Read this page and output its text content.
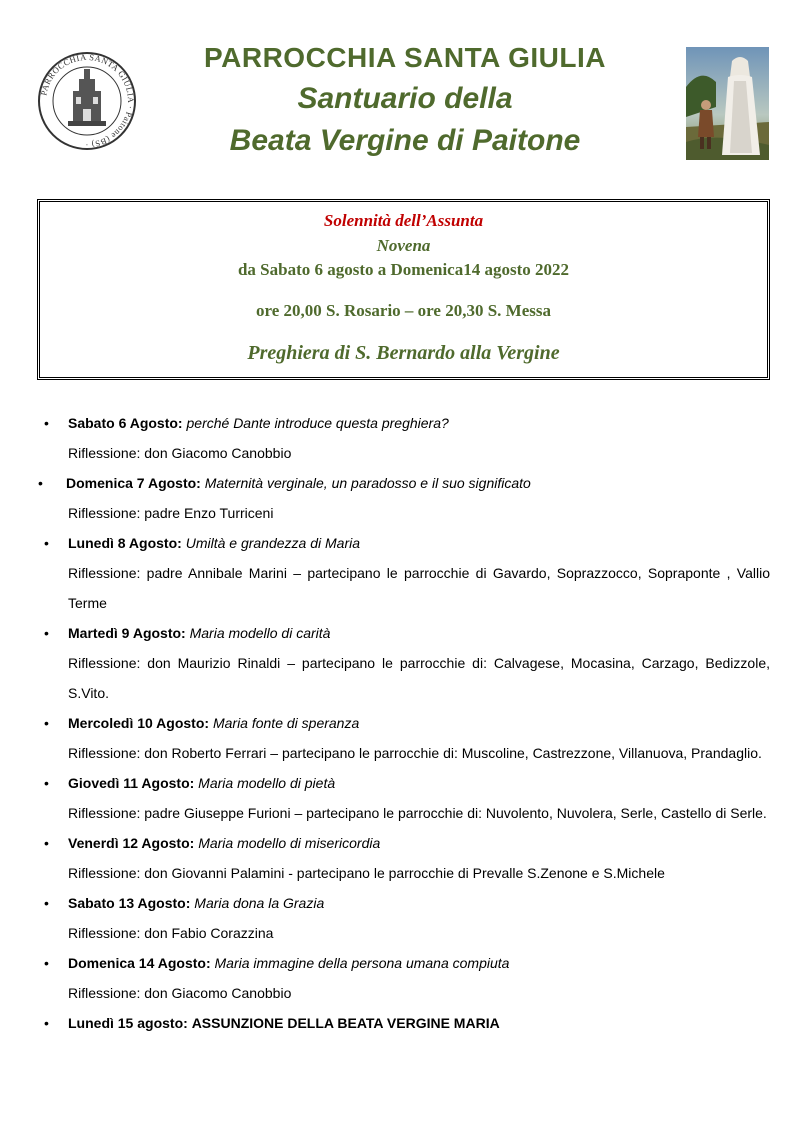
PARROCCHIA SANTA GIULIA · Paitone (BS) ·
PARROCCHIA SANTA GIULIA
Santuario della
Beata Vergine di Paitone
Solennità dell’Assunta
Novena
da Sabato 6 agosto a Domenica14 agosto 2022
ore 20,00 S. Rosario – ore 20,30 S. Messa
Preghiera di S. Bernardo alla Vergine
• Sabato 6 Agosto: perché Dante introduce questa preghiera?
Riflessione: don Giacomo Canobbio
• Domenica 7 Agosto: Maternità verginale, un paradosso e il suo significato
Riflessione: padre Enzo Turriceni
• Lunedì 8 Agosto: Umiltà e grandezza di Maria
Riflessione: padre Annibale Marini – partecipano le parrocchie di Gavardo, Soprazzocco, Sopraponte , Vallio Terme
• Martedì 9 Agosto: Maria modello di carità
Riflessione: don Maurizio Rinaldi – partecipano le parrocchie di: Calvagese, Mocasina, Carzago, Bedizzole, S.Vito.
• Mercoledì 10 Agosto: Maria fonte di speranza
Riflessione: don Roberto Ferrari – partecipano le parrocchie di: Muscoline, Castrezzone, Villanuova, Prandaglio.
• Giovedì 11 Agosto: Maria modello di pietà
Riflessione: padre Giuseppe Furioni – partecipano le parrocchie di: Nuvolento, Nuvolera, Serle, Castello di Serle.
• Venerdì 12 Agosto: Maria modello di misericordia
Riflessione: don Giovanni Palamini - partecipano le parrocchie di Prevalle S.Zenone e S.Michele
• Sabato 13 Agosto: Maria dona la Grazia
Riflessione: don Fabio Corazzina
• Domenica 14 Agosto: Maria immagine della persona umana compiuta
Riflessione: don Giacomo Canobbio
• Lunedì 15 agosto: ASSUNZIONE DELLA BEATA VERGINE MARIA
